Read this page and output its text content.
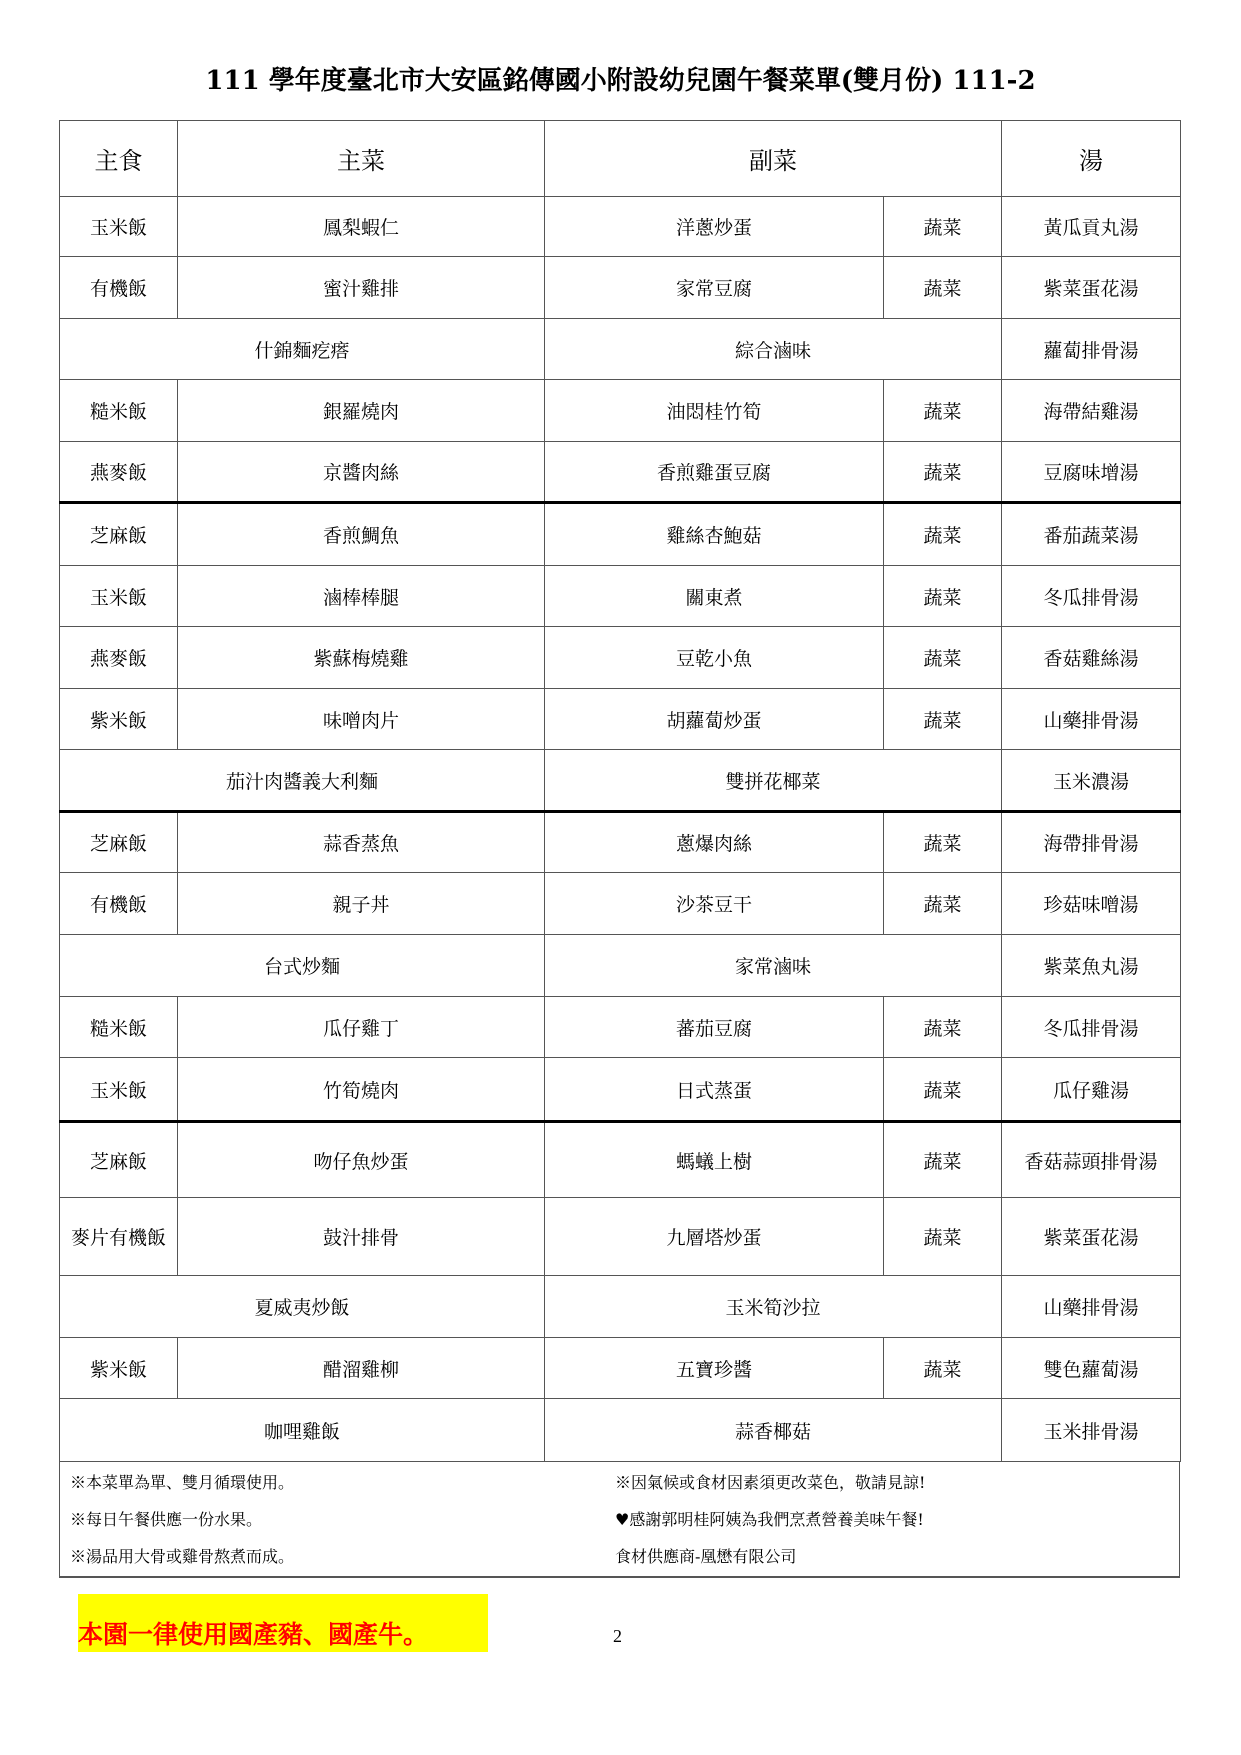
111 學年度臺北市大安區銘傳國小附設幼兒園午餐菜單(雙月份) 111-2
主食	主菜	副菜		湯
玉米飯	鳳梨蝦仁	洋蔥炒蛋	蔬菜	黃瓜貢丸湯
有機飯	蜜汁雞排	家常豆腐	蔬菜	紫菜蛋花湯
什錦麵疙瘩		綜合滷味		蘿蔔排骨湯
糙米飯	銀羅燒肉	油悶桂竹筍	蔬菜	海帶結雞湯
燕麥飯	京醬肉絲	香煎雞蛋豆腐	蔬菜	豆腐味增湯
芝麻飯	香煎鯛魚	雞絲杏鮑菇	蔬菜	番茄蔬菜湯
玉米飯	滷棒棒腿	關東煮	蔬菜	冬瓜排骨湯
燕麥飯	紫蘇梅燒雞	豆乾小魚	蔬菜	香菇雞絲湯
紫米飯	味噌肉片	胡蘿蔔炒蛋	蔬菜	山藥排骨湯
茄汁肉醬義大利麵		雙拼花椰菜		玉米濃湯
芝麻飯	蒜香蒸魚	蔥爆肉絲	蔬菜	海帶排骨湯
有機飯	親子丼	沙茶豆干	蔬菜	珍菇味噌湯
台式炒麵		家常滷味		紫菜魚丸湯
糙米飯	瓜仔雞丁	蕃茄豆腐	蔬菜	冬瓜排骨湯
玉米飯	竹筍燒肉	日式蒸蛋	蔬菜	瓜仔雞湯
芝麻飯	吻仔魚炒蛋	螞蟻上樹	蔬菜	香菇蒜頭排骨湯
麥片有機飯	鼓汁排骨	九層塔炒蛋	蔬菜	紫菜蛋花湯
夏威夷炒飯		玉米筍沙拉		山藥排骨湯
紫米飯	醋溜雞柳	五寶珍醬	蔬菜	雙色蘿蔔湯
咖哩雞飯		蒜香椰菇		玉米排骨湯
※本菜單為單、雙月循環使用。
※每日午餐供應一份水果。
※湯品用大骨或雞骨熬煮而成。
※因氣候或食材因素須更改菜色，敬請見諒!
♥感謝郭明桂阿姨為我們烹煮營養美味午餐!
食材供應商-凰懋有限公司
本園一律使用國產豬、國產牛。	2
